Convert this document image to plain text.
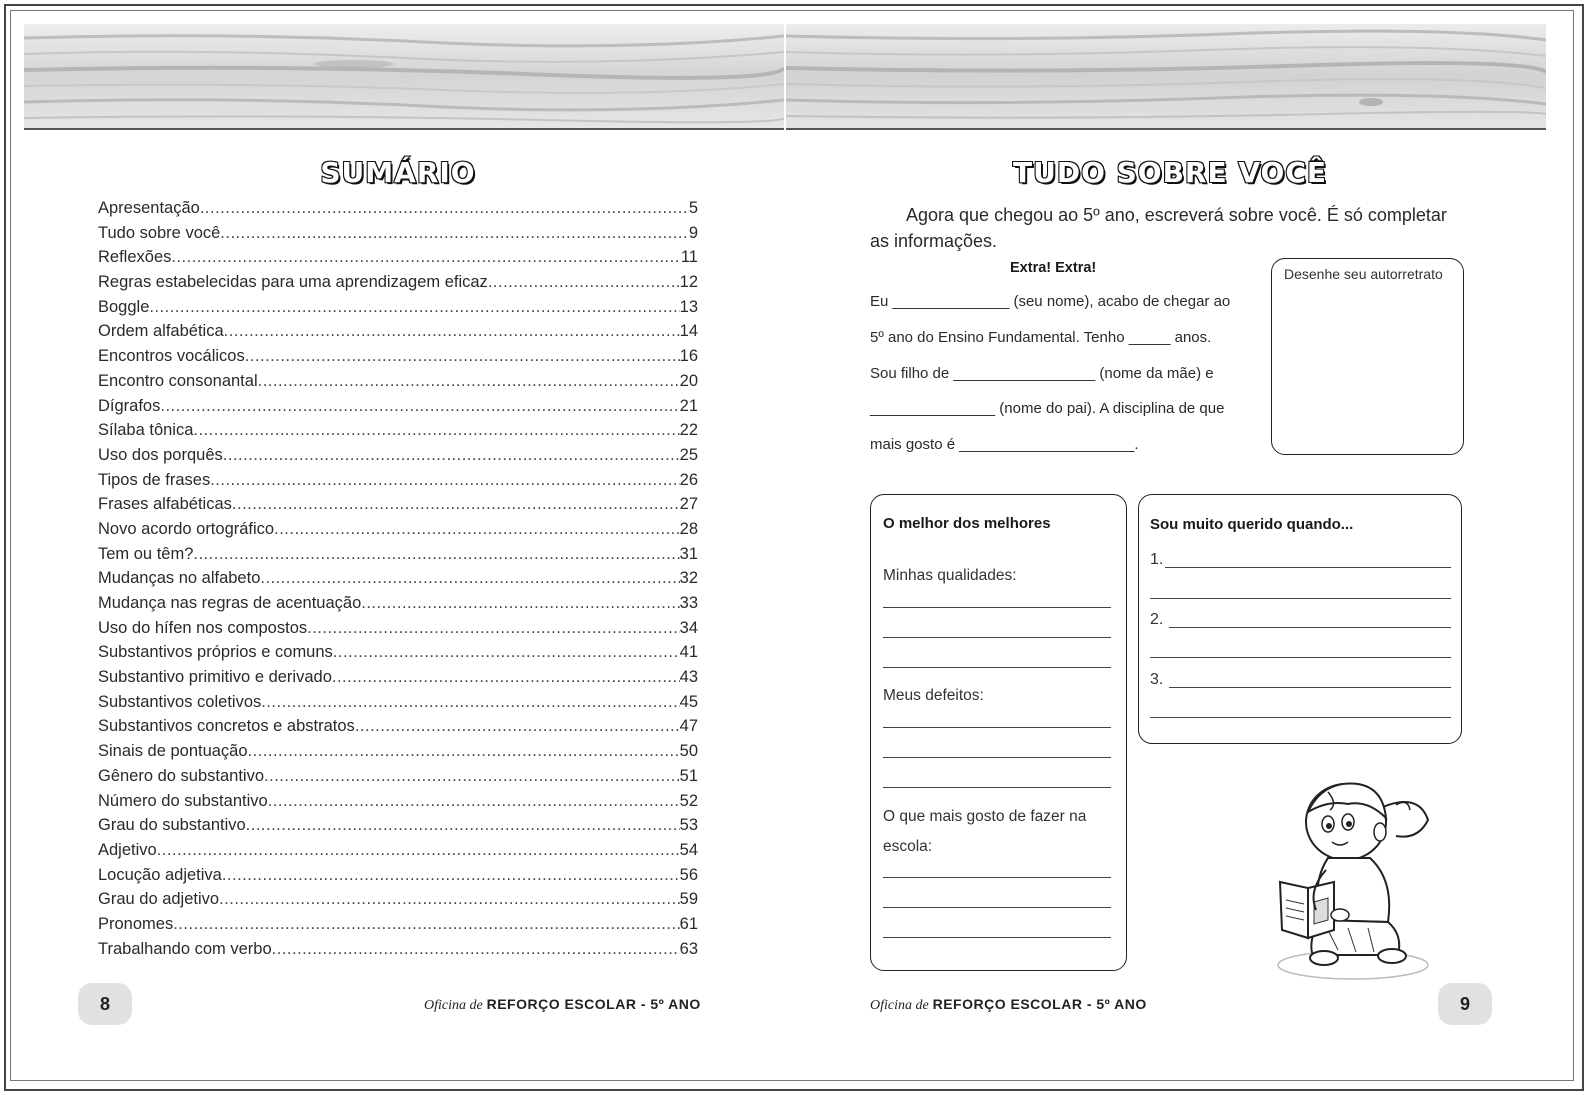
SUMÁRIO
Apresentação .....	5
Tudo sobre você .....	9
Reflexões .....	11
Regras estabelecidas para uma aprendizagem eficaz .....	12
Boggle .....	13
Ordem alfabética .....	14
Encontros vocálicos .....	16
Encontro consonantal .....	20
Dígrafos .....	21
Sílaba tônica .....	22
Uso dos porquês .....	25
Tipos de frases .....	26
Frases alfabéticas .....	27
Novo acordo ortográfico .....	28
Tem ou têm? .....	31
Mudanças no alfabeto .....	32
Mudança nas regras de acentuação .....	33
Uso do hífen nos compostos .....	34
Substantivos próprios e comuns .....	41
Substantivo primitivo e derivado .....	43
Substantivos coletivos .....	45
Substantivos concretos e abstratos .....	47
Sinais de pontuação .....	50
Gênero do substantivo .....	51
Número do substantivo .....	52
Grau do substantivo .....	53
Adjetivo .....	54
Locução adjetiva .....	56
Grau do adjetivo .....	59
Pronomes .....	61
Trabalhando com verbo .....	63
8	Oficina de REFORÇO ESCOLAR - 5º ANO
TUDO SOBRE VOCÊ
Agora que chegou ao 5º ano, escreverá sobre você. É só completar as informações.
Extra! Extra!
Eu ______________ (seu nome), acabo de chegar ao
5º ano do Ensino Fundamental. Tenho _____ anos.
Sou filho de _________________ (nome da mãe) e
_______________ (nome do pai). A disciplina de que
mais gosto é _____________________.
Desenhe seu autorretrato
O melhor dos melhores
Minhas qualidades:
Meus defeitos:
O que mais gosto de fazer na
escola:
Sou muito querido quando...
1.
2.
3.
9
Oficina de REFORÇO ESCOLAR - 5º ANO
